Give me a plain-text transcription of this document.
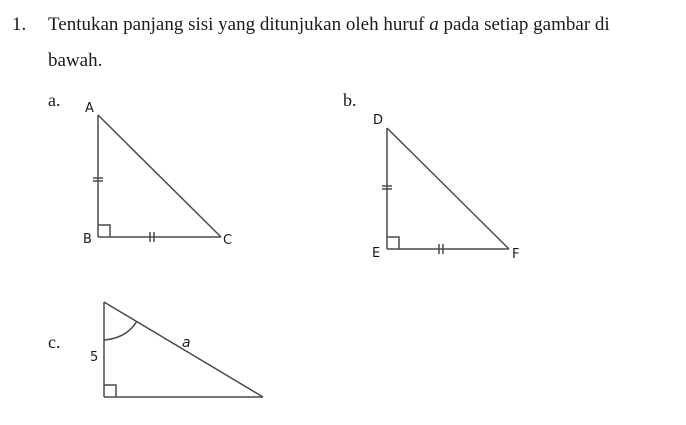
1. Tentukan panjang sisi yang ditunjukan oleh huruf a pada setiap gambar di
bawah.
a.	b.
c.
A
B	C
D
E	F
5
a
